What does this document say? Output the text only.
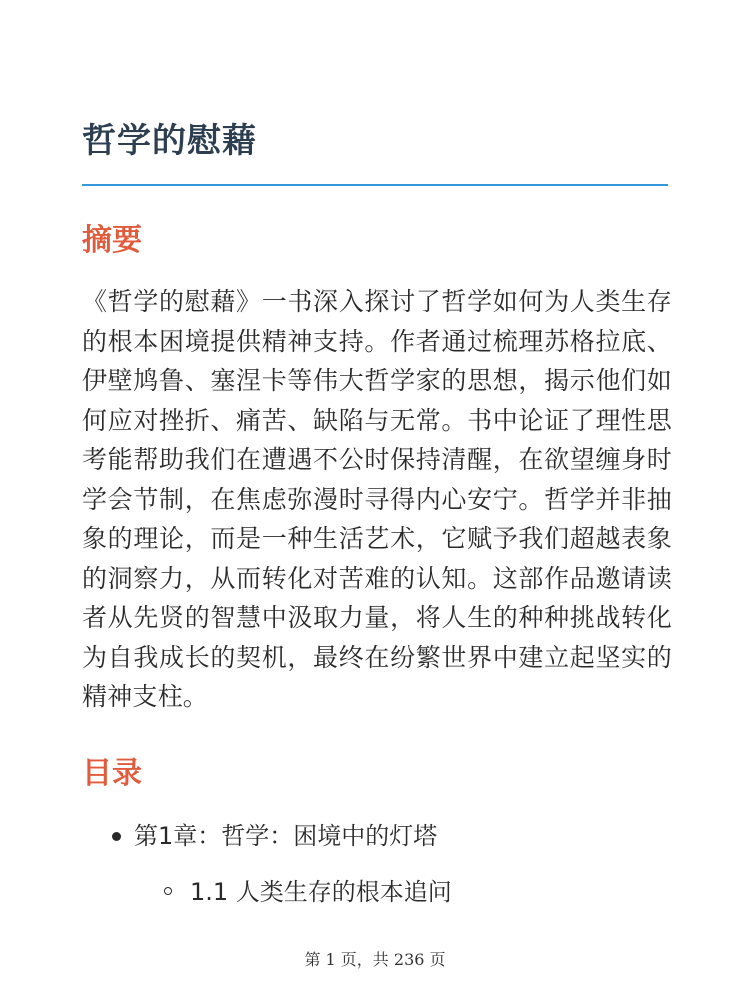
哲学的慰藉
摘要

《哲学的慰藉》一书深入探讨了哲学如何为人类生存的根本困境提供精神支持。作者通过梳理苏格拉底、伊壁鸠鲁、塞涅卡等伟大哲学家的思想，揭示他们如何应对挫折、痛苦、缺陷与无常。书中论证了理性思考能帮助我们在遭遇不公时保持清醒，在欲望缠身时学会节制，在焦虑弥漫时寻得内心安宁。哲学并非抽象的理论，而是一种生活艺术，它赋予我们超越表象的洞察力，从而转化对苦难的认知。这部作品邀请读者从先贤的智慧中汲取力量，将人生的种种挑战转化为自我成长的契机，最终在纷繁世界中建立起坚实的精神支柱。

目录
第1章：哲学：困境中的灯塔
1.1 人类生存的根本追问
第 1 页，共 236 页
